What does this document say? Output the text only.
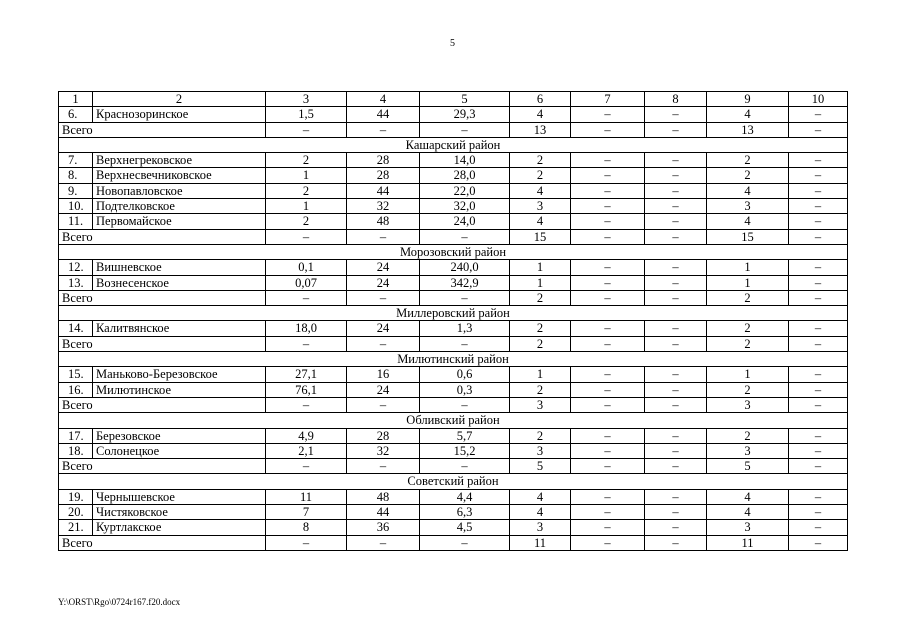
5
1	2	3	4	5	6	7	8	9	10
6.	Краснозоринское	1,5	44	29,3	4	–	–	4	–
Всего		–	–	–	13	–	–	13	–
Кашарский район									
7.	Верхнегрековское	2	28	14,0	2	–	–	2	–
8.	Верхнесвечниковское	1	28	28,0	2	–	–	2	–
9.	Новопавловское	2	44	22,0	4	–	–	4	–
10.	Подтелковское	1	32	32,0	3	–	–	3	–
11.	Первомайское	2	48	24,0	4	–	–	4	–
Всего		–	–	–	15	–	–	15	–
Морозовский район									
12.	Вишневское	0,1	24	240,0	1	–	–	1	–
13.	Вознесенское	0,07	24	342,9	1	–	–	1	–
Всего		–	–	–	2	–	–	2	–
Миллеровский район									
14.	Калитвянское	18,0	24	1,3	2	–	–	2	–
Всего		–	–	–	2	–	–	2	–
Милютинский район									
15.	Маньково-Березовское	27,1	16	0,6	1	–	–	1	–
16.	Милютинское	76,1	24	0,3	2	–	–	2	–
Всего		–	–	–	3	–	–	3	–
Обливский район									
17.	Березовское	4,9	28	5,7	2	–	–	2	–
18.	Солонецкое	2,1	32	15,2	3	–	–	3	–
Всего		–	–	–	5	–	–	5	–
Советский район									
19.	Чернышевское	11	48	4,4	4	–	–	4	–
20.	Чистяковское	7	44	6,3	4	–	–	4	–
21.	Куртлакское	8	36	4,5	3	–	–	3	–
Всего		–	–	–	11	–	–	11	–
Y:\ORST\Rgo\0724r167.f20.docx
